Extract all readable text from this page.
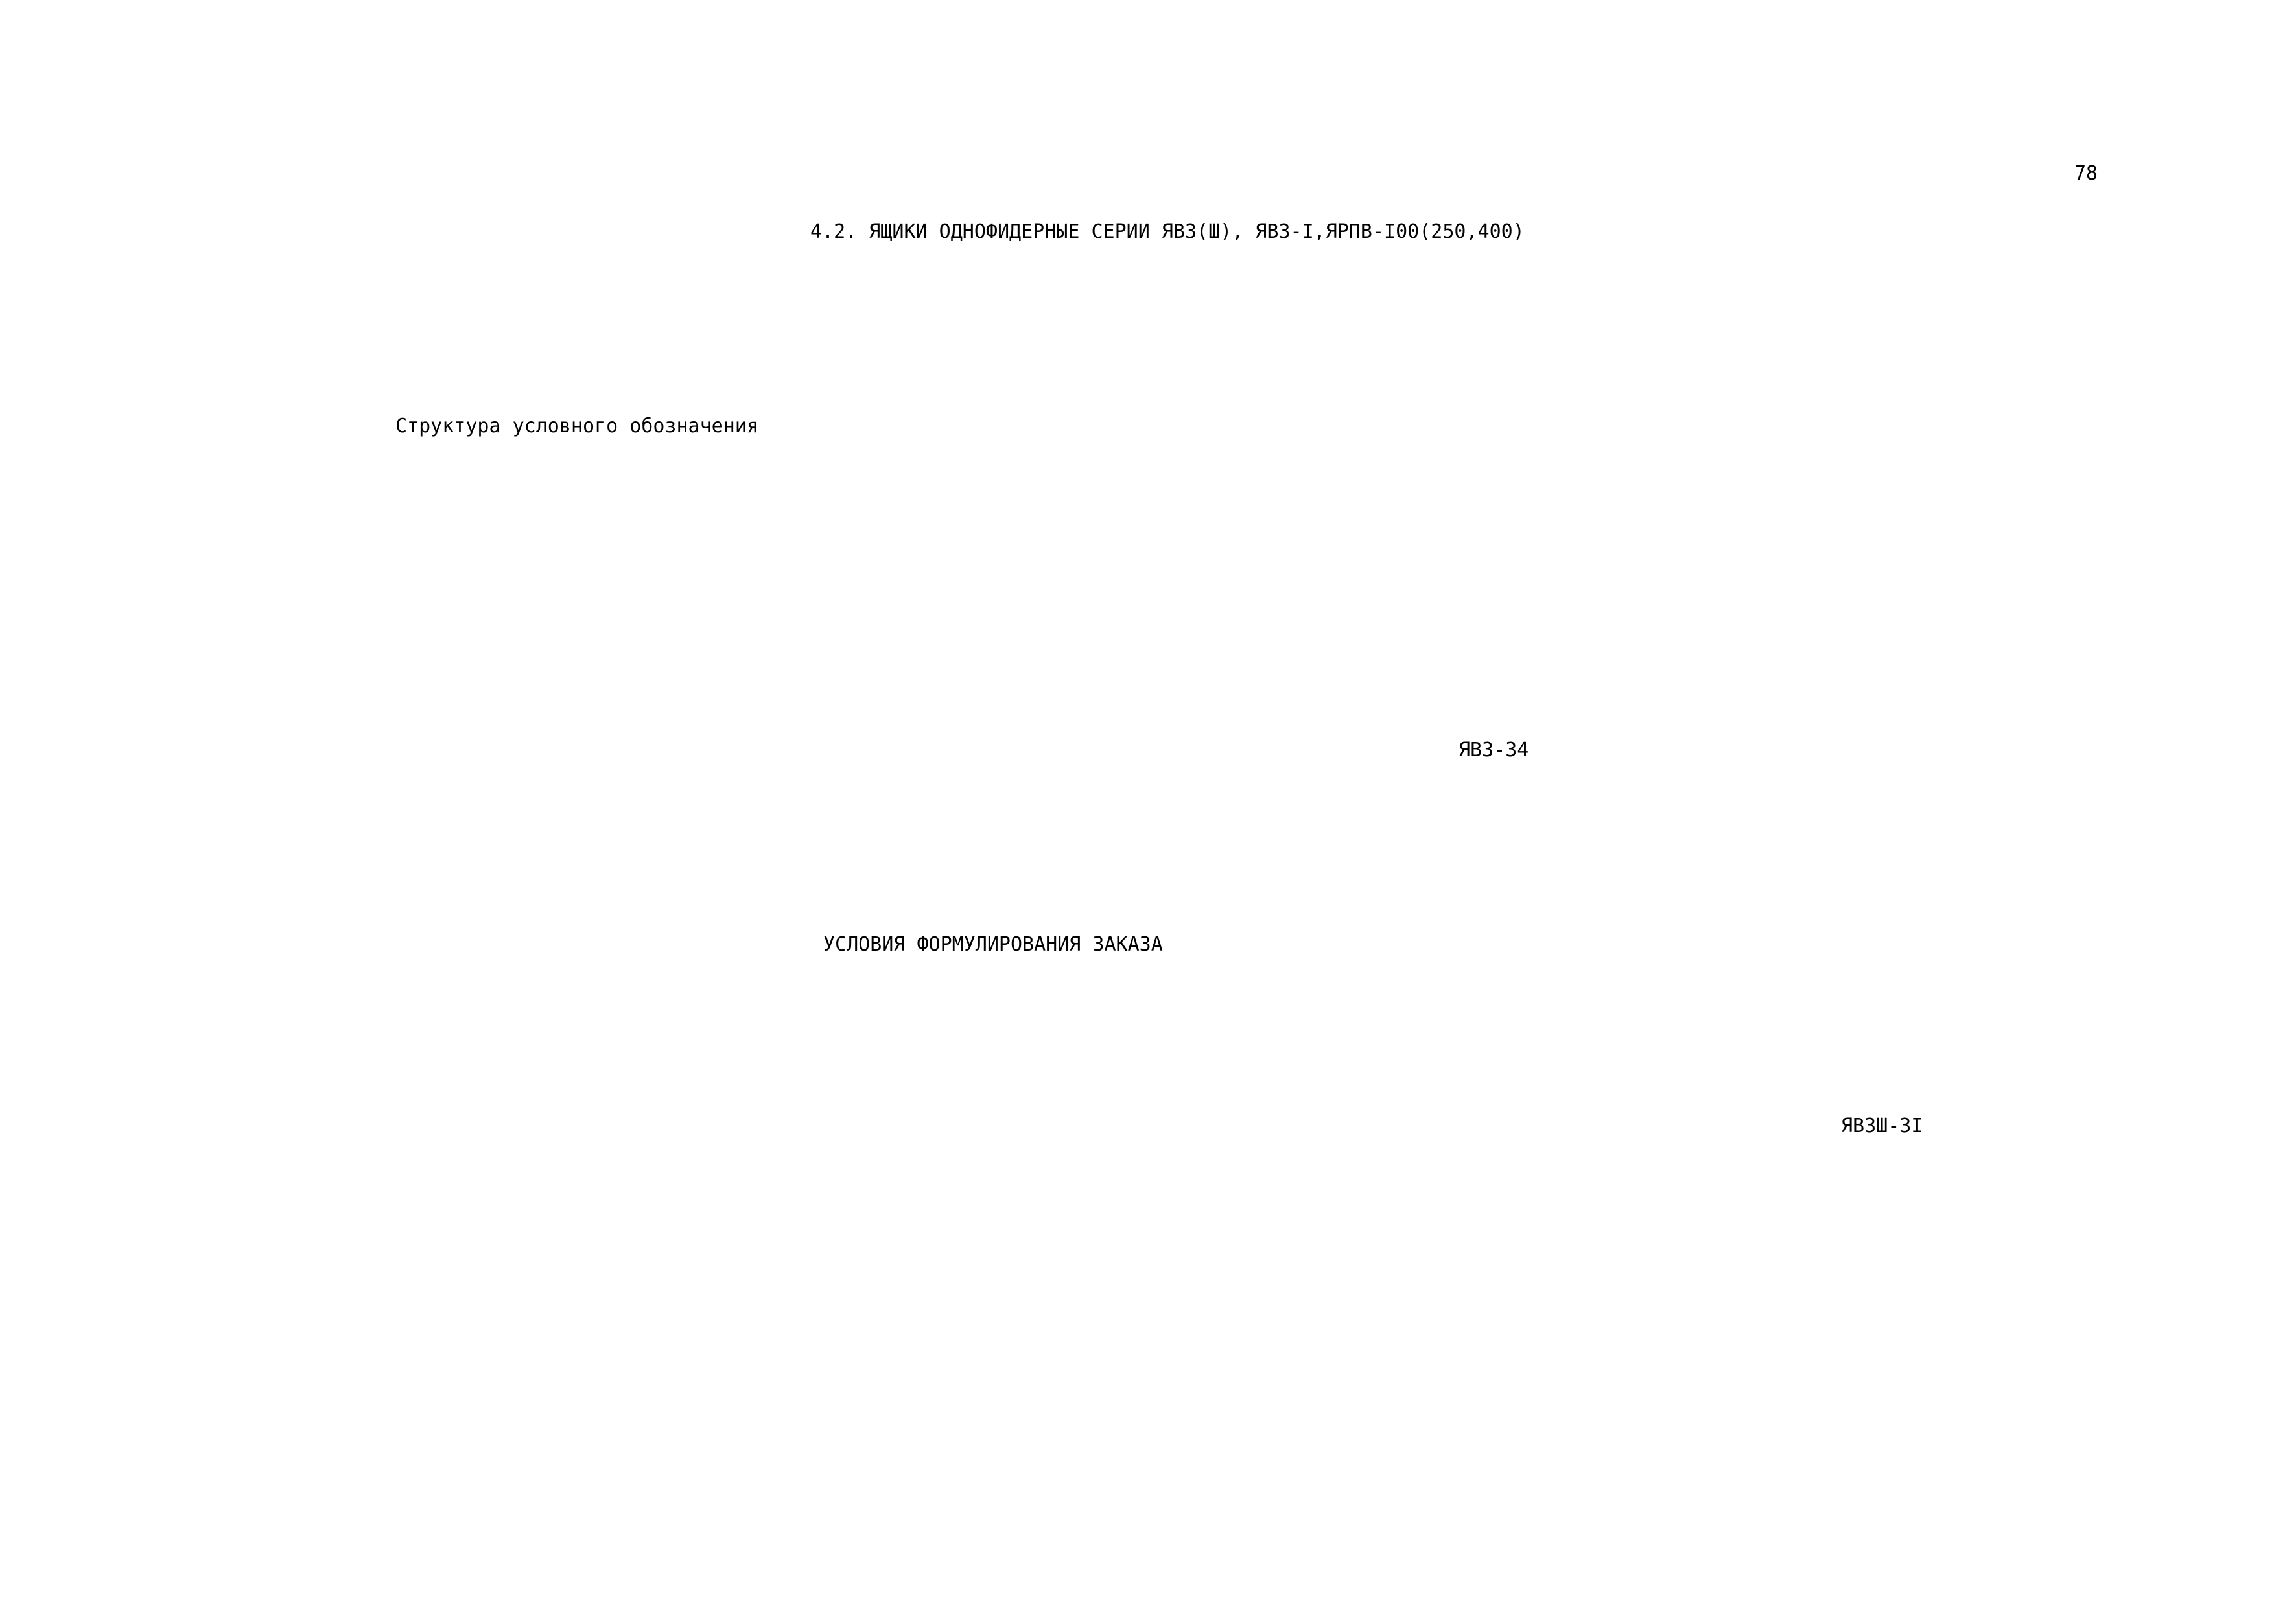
78

4.2. ЯЩИКИ ОДНОФИДЕРНЫЕ СЕРИИ ЯВЗ(Ш), ЯВЗ-I,ЯРПВ-I00(250,400)

Структура условного обозначения

УСЛОВИЯ ФОРМУЛИРОВАНИЯ ЗАКАЗА

ЯВЗ-34

ЯВЗШ-3I
